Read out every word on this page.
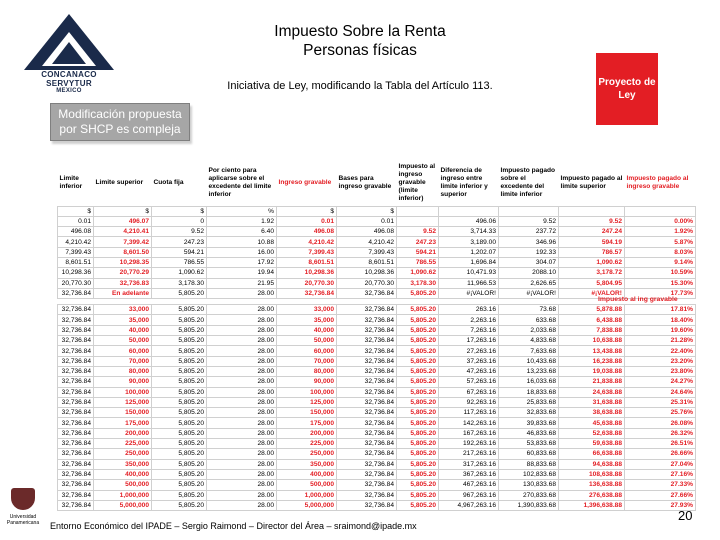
CONCANACO
SERVYTUR
MEXICO
Impuesto Sobre la Renta
Personas físicas
Iniciativa de Ley, modificando la Tabla del Artículo 113.	Proyecto de Ley
Modificación propuesta por SHCP es compleja
Limite inferior	Limite superior	Cuota fija	Por ciento para aplicarse sobre el excedente del limite inferior	Ingreso gravable	Bases para ingreso gravable	Impuesto al ingreso gravable (limite inferior)	Diferencia de ingreso entre limite inferior y superior	Impuesto pagado sobre el excedente del limite inferior	Impuesto pagado al limite superior	Impuesto pagado al ingreso gravable
$	$	$	%	$	$					
0.01	496.07	0	1.92	0.01	0.01		496.06	9.52	9.52	0.00%
496.08	4,210.41	9.52	6.40	496.08	496.08	9.52	3,714.33	237.72	247.24	1.92%
4,210.42	7,399.42	247.23	10.88	4,210.42	4,210.42	247.23	3,189.00	346.96	594.19	5.87%
7,399.43	8,601.50	594.21	16.00	7,399.43	7,399.43	594.21	1,202.07	192.33	786.57	8.03%
8,601.51	10,298.35	786.55	17.92	8,601.51	8,601.51	786.55	1,696.84	304.07	1,090.62	9.14%
10,298.36	20,770.29	1,090.62	19.94	10,298.36	10,298.36	1,090.62	10,471.93	2088.10	3,178.72	10.59%
20,770.30	32,736.83	3,178.30	21.95	20,770.30	20,770.30	3,178.30	11,966.53	2,626.65	5,804.95	15.30%
32,736.84	En adelante	5,805.20	28.00	32,736.84	32,736.84	5,805.20	#¡VALOR!	#¡VALOR!	#¡VALOR!	17.73%

32,736.84	33,000	5,805.20	28.00	33,000	32,736.84	5,805.20	263.16	73.68	5,878.88	17.81%
32,736.84	35,000	5,805.20	28.00	35,000	32,736.84	5,805.20	2,263.16	633.68	6,438.88	18.40%
32,736.84	40,000	5,805.20	28.00	40,000	32,736.84	5,805.20	7,263.16	2,033.68	7,838.88	19.60%
32,736.84	50,000	5,805.20	28.00	50,000	32,736.84	5,805.20	17,263.16	4,833.68	10,638.88	21.28%
32,736.84	60,000	5,805.20	28.00	60,000	32,736.84	5,805.20	27,263.16	7,633.68	13,438.88	22.40%
32,736.84	70,000	5,805.20	28.00	70,000	32,736.84	5,805.20	37,263.16	10,433.68	16,238.88	23.20%
32,736.84	80,000	5,805.20	28.00	80,000	32,736.84	5,805.20	47,263.16	13,233.68	19,038.88	23.80%
32,736.84	90,000	5,805.20	28.00	90,000	32,736.84	5,805.20	57,263.16	16,033.68	21,838.88	24.27%
32,736.84	100,000	5,805.20	28.00	100,000	32,736.84	5,805.20	67,263.16	18,833.68	24,638.88	24.64%
32,736.84	125,000	5,805.20	28.00	125,000	32,736.84	5,805.20	92,263.16	25,833.68	31,638.88	25.31%
32,736.84	150,000	5,805.20	28.00	150,000	32,736.84	5,805.20	117,263.16	32,833.68	38,638.88	25.76%
32,736.84	175,000	5,805.20	28.00	175,000	32,736.84	5,805.20	142,263.16	39,833.68	45,638.88	26.08%
32,736.84	200,000	5,805.20	28.00	200,000	32,736.84	5,805.20	167,263.16	46,833.68	52,638.88	26.32%
32,736.84	225,000	5,805.20	28.00	225,000	32,736.84	5,805.20	192,263.16	53,833.68	59,638.88	26.51%
32,736.84	250,000	5,805.20	28.00	250,000	32,736.84	5,805.20	217,263.16	60,833.68	66,638.88	26.66%
32,736.84	350,000	5,805.20	28.00	350,000	32,736.84	5,805.20	317,263.16	88,833.68	94,638.88	27.04%
32,736.84	400,000	5,805.20	28.00	400,000	32,736.84	5,805.20	367,263.16	102,833.68	108,638.88	27.16%
32,736.84	500,000	5,805.20	28.00	500,000	32,736.84	5,805.20	467,263.16	130,833.68	136,638.88	27.33%
32,736.84	1,000,000	5,805.20	28.00	1,000,000	32,736.84	5,805.20	967,263.16	270,833.68	276,638.88	27.66%
32,736.84	5,000,000	5,805.20	28.00	5,000,000	32,736.84	5,805.20	4,967,263.16	1,390,833.68	1,396,638.88	27.93%
Impuesto al ing gravable
Universidad Panamericana	Entorno Económico del IPADE – Sergio Raimond – Director del Área – sraimond@ipade.mx
20
